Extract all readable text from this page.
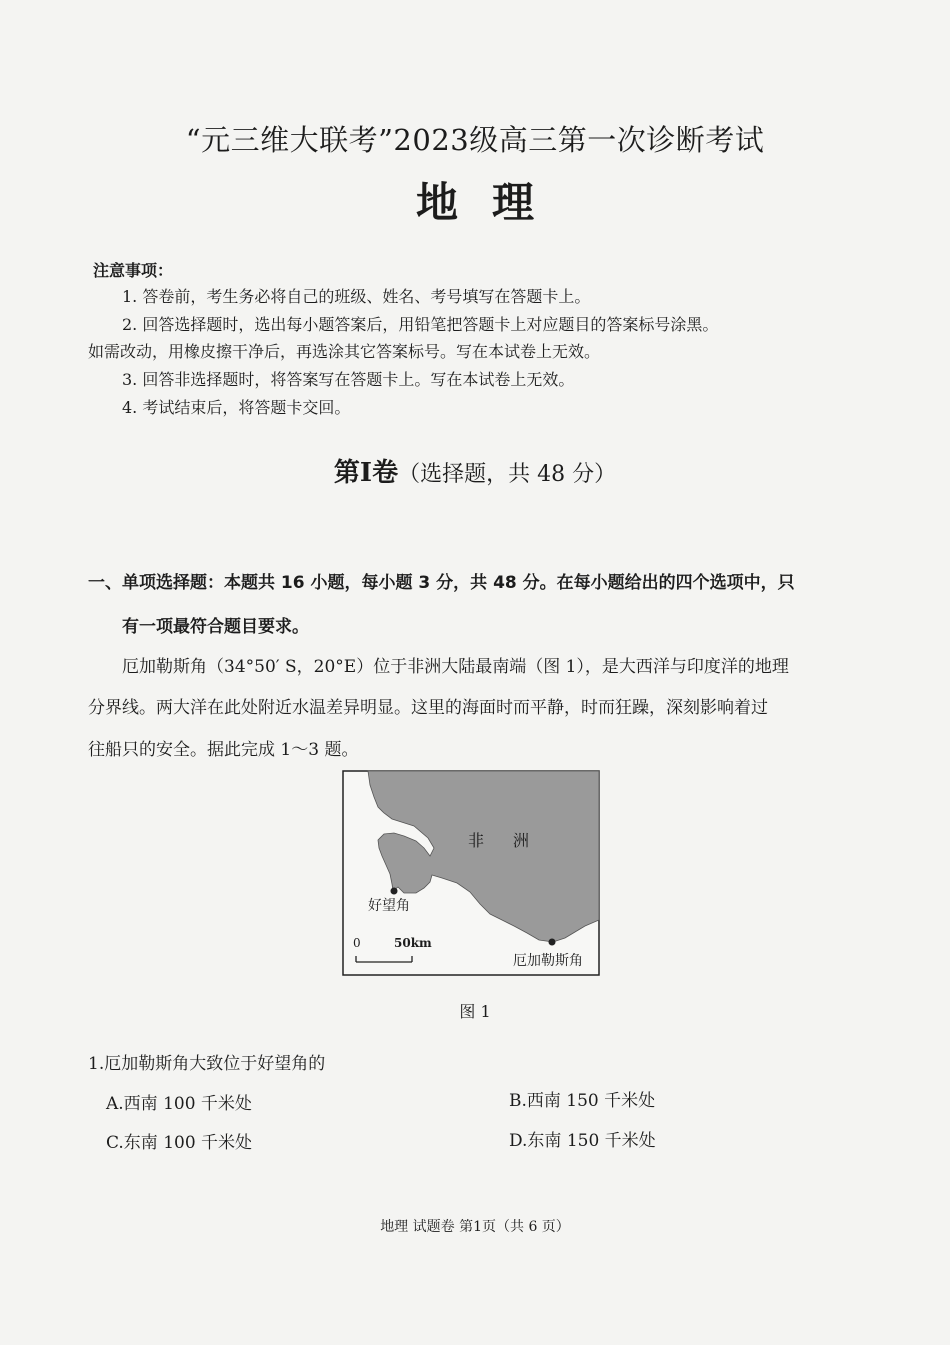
“元三维大联考”2023级高三第一次诊断考试
地理
注意事项：
1. 答卷前，考生务必将自己的班级、姓名、考号填写在答题卡上。
2. 回答选择题时，选出每小题答案后，用铅笔把答题卡上对应题目的答案标号涂黑。
如需改动，用橡皮擦干净后，再选涂其它答案标号。写在本试卷上无效。
3. 回答非选择题时，将答案写在答题卡上。写在本试卷上无效。
4. 考试结束后，将答题卡交回。
第I卷（选择题，共 48 分）
一、单项选择题：本题共 16 小题，每小题 3 分，共 48 分。在每小题给出的四个选项中，只
有一项最符合题目要求。
厄加勒斯角（34°50′ S，20°E）位于非洲大陆最南端（图 1），是大西洋与印度洋的地理
分界线。两大洋在此处附近水温差异明显。这里的海面时而平静，时而狂躁，深刻影响着过
往船只的安全。据此完成 1～3 题。
非 洲
好望角
厄加勒斯角
0	50km
图 1
1.厄加勒斯角大致位于好望角的
A.西南 100 千米处	B.西南 150 千米处
C.东南 100 千米处	D.东南 150 千米处
地理 试题卷 第1页（共 6 页）
